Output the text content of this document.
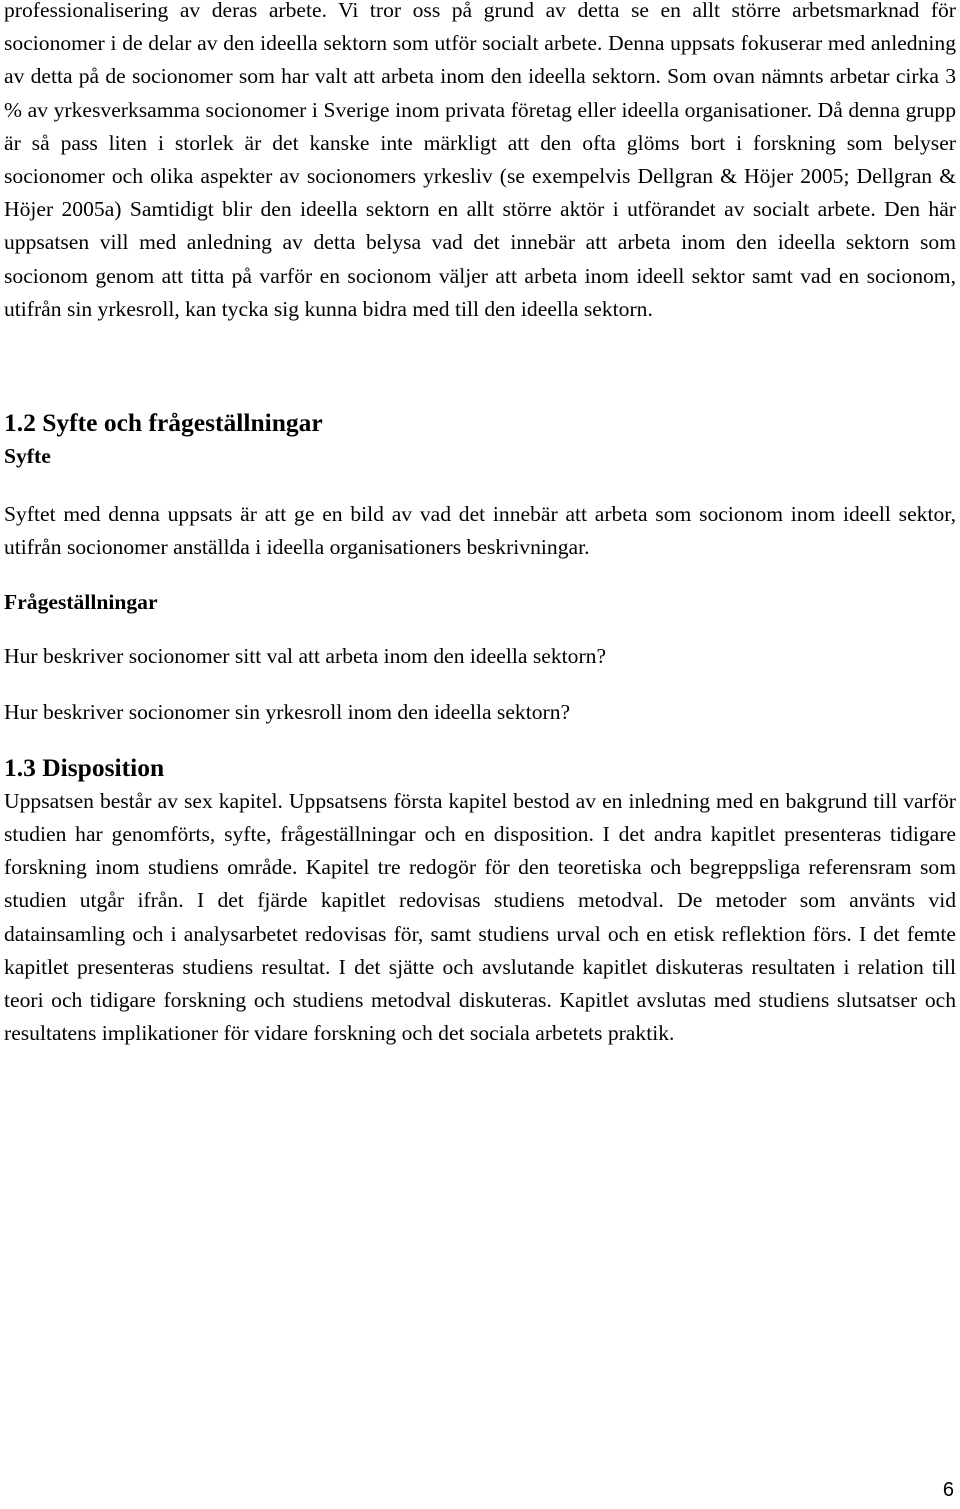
professionalisering av deras arbete. Vi tror oss på grund av detta se en allt större arbetsmarknad för socionomer i de delar av den ideella sektorn som utför socialt arbete. Denna uppsats fokuserar med anledning av detta på de socionomer som har valt att arbeta inom den ideella sektorn. Som ovan nämnts arbetar cirka 3 % av yrkesverksamma socionomer i Sverige inom privata företag eller ideella organisationer. Då denna grupp är så pass liten i storlek är det kanske inte märkligt att den ofta glöms bort i forskning som belyser socionomer och olika aspekter av socionomers yrkesliv (se exempelvis Dellgran & Höjer 2005; Dellgran & Höjer 2005a) Samtidigt blir den ideella sektorn en allt större aktör i utförandet av socialt arbete. Den här uppsatsen vill med anledning av detta belysa vad det innebär att arbeta inom den ideella sektorn som socionom genom att titta på varför en socionom väljer att arbeta inom ideell sektor samt vad en socionom, utifrån sin yrkesroll, kan tycka sig kunna bidra med till den ideella sektorn.

1.2 Syfte och frågeställningar
Syfte

Syftet med denna uppsats är att ge en bild av vad det innebär att arbeta som socionom inom ideell sektor, utifrån socionomer anställda i ideella organisationers beskrivningar.

Frågeställningar

Hur beskriver socionomer sitt val att arbeta inom den ideella sektorn?

Hur beskriver socionomer sin yrkesroll inom den ideella sektorn?

1.3 Disposition

Uppsatsen består av sex kapitel. Uppsatsens första kapitel bestod av en inledning med en bakgrund till varför studien har genomförts, syfte, frågeställningar och en disposition. I det andra kapitlet presenteras tidigare forskning inom studiens område. Kapitel tre redogör för den teoretiska och begreppsliga referensram som studien utgår ifrån. I det fjärde kapitlet redovisas studiens metodval. De metoder som använts vid datainsamling och i analysarbetet redovisas för, samt studiens urval och en etisk reflektion förs. I det femte kapitlet presenteras studiens resultat. I det sjätte och avslutande kapitlet diskuteras resultaten i relation till teori och tidigare forskning och studiens metodval diskuteras. Kapitlet avslutas med studiens slutsatser och resultatens implikationer för vidare forskning och det sociala arbetets praktik.

6
